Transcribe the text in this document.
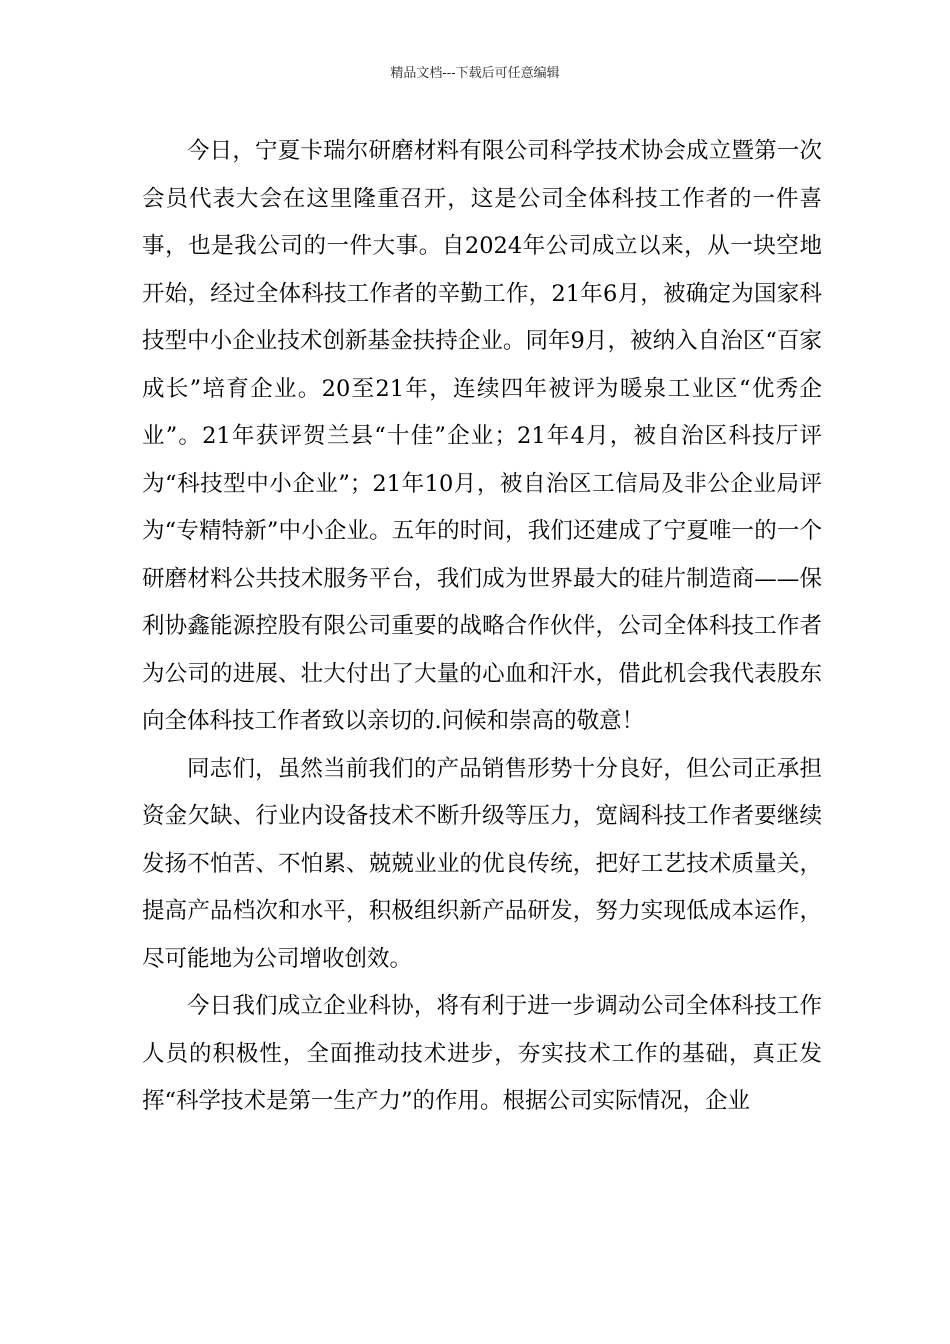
精品文档---下载后可任意编辑

今日，宁夏卡瑞尔研磨材料有限公司科学技术协会成立暨第一次会员代表大会在这里隆重召开，这是公司全体科技工作者的一件喜事，也是我公司的一件大事。自2024年公司成立以来，从一块空地开始，经过全体科技工作者的辛勤工作，21年6月，被确定为国家科技型中小企业技术创新基金扶持企业。同年9月，被纳入自治区“百家成长”培育企业。20至21年，连续四年被评为暖泉工业区“优秀企业”。21年获评贺兰县“十佳”企业；21年4月，被自治区科技厅评为“科技型中小企业”；21年10月，被自治区工信局及非公企业局评为“专精特新”中小企业。五年的时间，我们还建成了宁夏唯一的一个研磨材料公共技术服务平台，我们成为世界最大的硅片制造商——保利协鑫能源控股有限公司重要的战略合作伙伴，公司全体科技工作者为公司的进展、壮大付出了大量的心血和汗水，借此机会我代表股东向全体科技工作者致以亲切的.问候和崇高的敬意！

同志们，虽然当前我们的产品销售形势十分良好，但公司正承担资金欠缺、行业内设备技术不断升级等压力，宽阔科技工作者要继续发扬不怕苦、不怕累、兢兢业业的优良传统，把好工艺技术质量关，提高产品档次和水平，积极组织新产品研发，努力实现低成本运作，尽可能地为公司增收创效。

今日我们成立企业科协，将有利于进一步调动公司全体科技工作人员的积极性，全面推动技术进步，夯实技术工作的基础，真正发挥“科学技术是第一生产力”的作用。根据公司实际情况，企业
